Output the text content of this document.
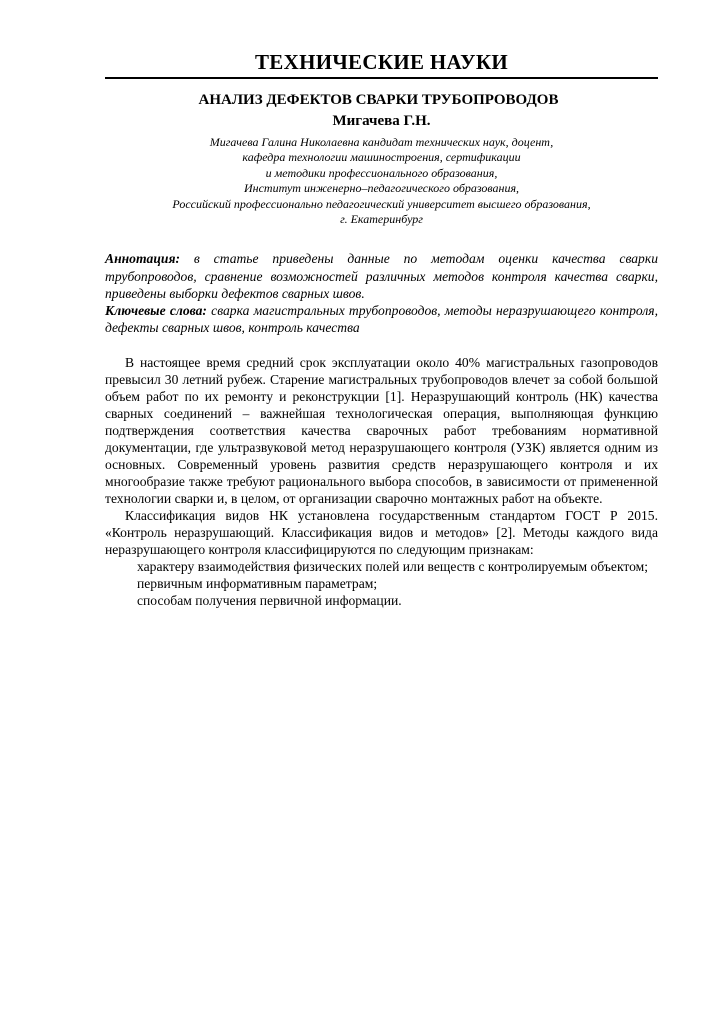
ТЕХНИЧЕСКИЕ НАУКИ
АНАЛИЗ ДЕФЕКТОВ СВАРКИ ТРУБОПРОВОДОВ
Мигачева Г.Н.
Мигачева Галина Николаевна кандидат технических наук, доцент,
кафедра технологии машиностроения, сертификации
и методики профессионального образования,
Институт инженерно–педагогического образования,
Российский профессионально педагогический университет высшего образования,
г. Екатеринбург
Аннотация: в статье приведены данные по методам оценки качества сварки трубопроводов, сравнение возможностей различных методов контроля качества сварки, приведены выборки дефектов сварных швов.
Ключевые слова: сварка магистральных трубопроводов, методы неразрушающего контроля, дефекты сварных швов, контроль качества

В настоящее время средний срок эксплуатации около 40% магистральных газопроводов превысил 30 летний рубеж. Старение магистральных трубопроводов влечет за собой большой объем работ по их ремонту и реконструкции [1]. Неразрушающий контроль (НК) качества сварных соединений – важнейшая технологическая операция, выполняющая функцию подтверждения соответствия качества сварочных работ требованиям нормативной документации, где ультразвуковой метод неразрушающего контроля (УЗК) является одним из основных. Современный уровень развития средств неразрушающего контроля и их многообразие также требуют рационального выбора способов, в зависимости от примененной технологии сварки и, в целом, от организации сварочно монтажных работ на объекте.

Классификация видов НК установлена государственным стандартом ГОСТ Р 2015. «Контроль неразрушающий. Классификация видов и методов» [2]. Методы каждого вида неразрушающего контроля классифицируются по следующим признакам:

характеру взаимодействия физических полей или веществ с контролируемым объектом;

первичным информативным параметрам;

способам получения первичной информации.
